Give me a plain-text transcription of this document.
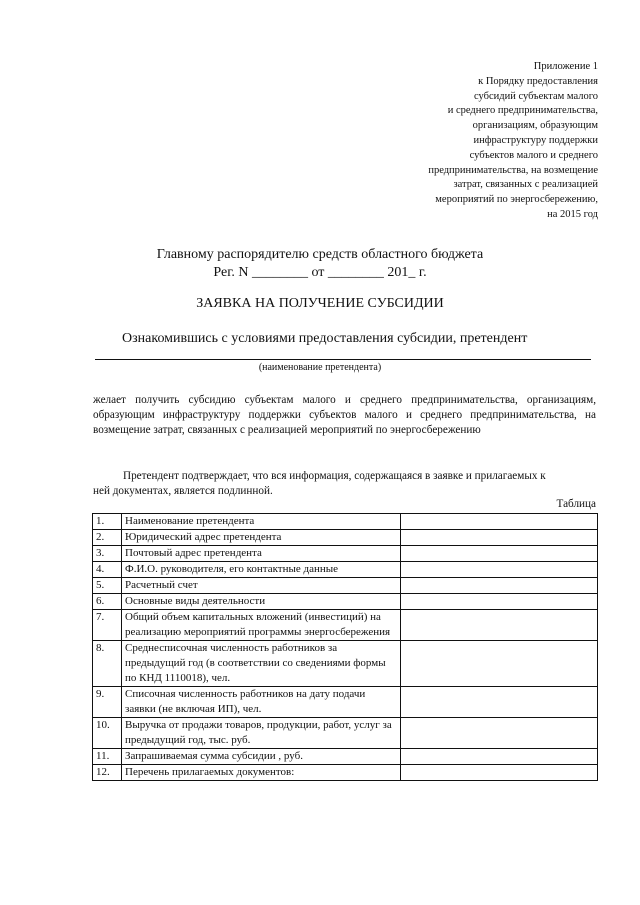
Приложение 1
к Порядку предоставления
субсидий субъектам малого
и среднего предпринимательства,
организациям, образующим
инфраструктуру поддержки
субъектов малого и среднего
предпринимательства, на возмещение
затрат, связанных с реализацией
мероприятий по энергосбережению,
на 2015 год
Главному распорядителю средств областного бюджета
Рег. N ________ от ________ 201_ г.
ЗАЯВКА НА ПОЛУЧЕНИЕ СУБСИДИИ
Ознакомившись с условиями предоставления субсидии, претендент
(наименование претендента)
желает получить субсидию субъектам малого и среднего предпринимательства, организациям, образующим инфраструктуру поддержки субъектов малого и среднего предпринимательства, на возмещение затрат, связанных с реализацией мероприятий по энергосбережению
Претендент подтверждает, что вся информация, содержащаяся в заявке и прилагаемых к ней документах, является подлинной.
Таблица
1.	Наименование претендента	
2.	Юридический адрес претендента	
3.	Почтовый адрес претендента	
4.	Ф.И.О. руководителя, его контактные данные	
5.	Расчетный счет	
6.	Основные виды деятельности	
7.	Общий объем капитальных вложений (инвестиций) на реализацию мероприятий программы энергосбережения	
8.	Среднесписочная численность работников за предыдущий год (в соответствии со сведениями формы по КНД 1110018), чел.	
9.	Списочная численность работников на дату подачи заявки (не включая ИП), чел.	
10.	Выручка от продажи товаров, продукции, работ, услуг за предыдущий год, тыс. руб.	
11.	Запрашиваемая сумма субсидии , руб.	
12.	Перечень прилагаемых документов:	
